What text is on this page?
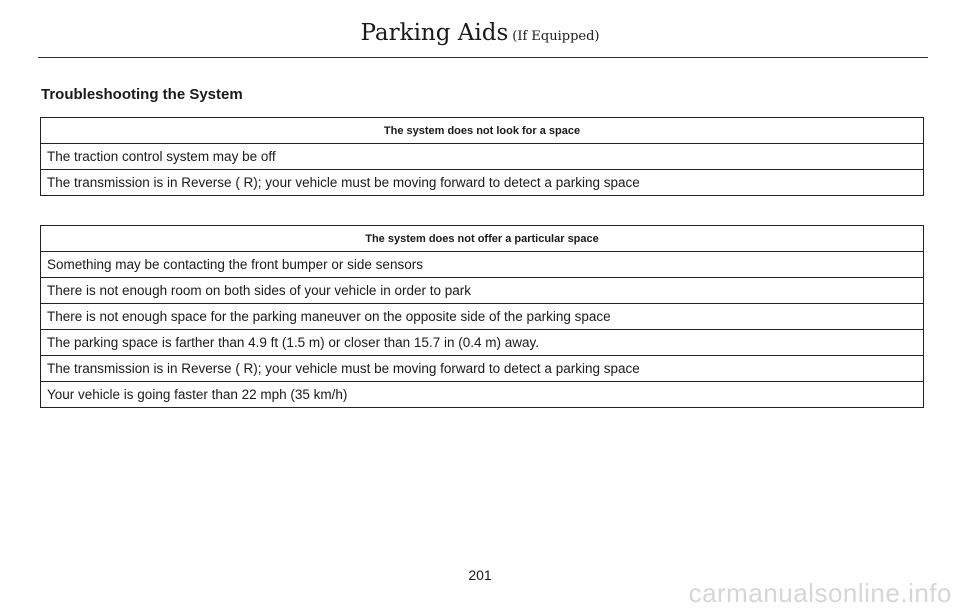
Parking Aids (If Equipped)
Troubleshooting the System
The system does not look for a space
The traction control system may be off
The transmission is in Reverse ( R); your vehicle must be moving forward to detect a parking space
The system does not offer a particular space
Something may be contacting the front bumper or side sensors
There is not enough room on both sides of your vehicle in order to park
There is not enough space for the parking maneuver on the opposite side of the parking space
The parking space is farther than 4.9 ft (1.5 m) or closer than 15.7 in (0.4 m) away.
The transmission is in Reverse ( R); your vehicle must be moving forward to detect a parking space
Your vehicle is going faster than 22 mph (35 km/h)
201
carmanualsonline.info
